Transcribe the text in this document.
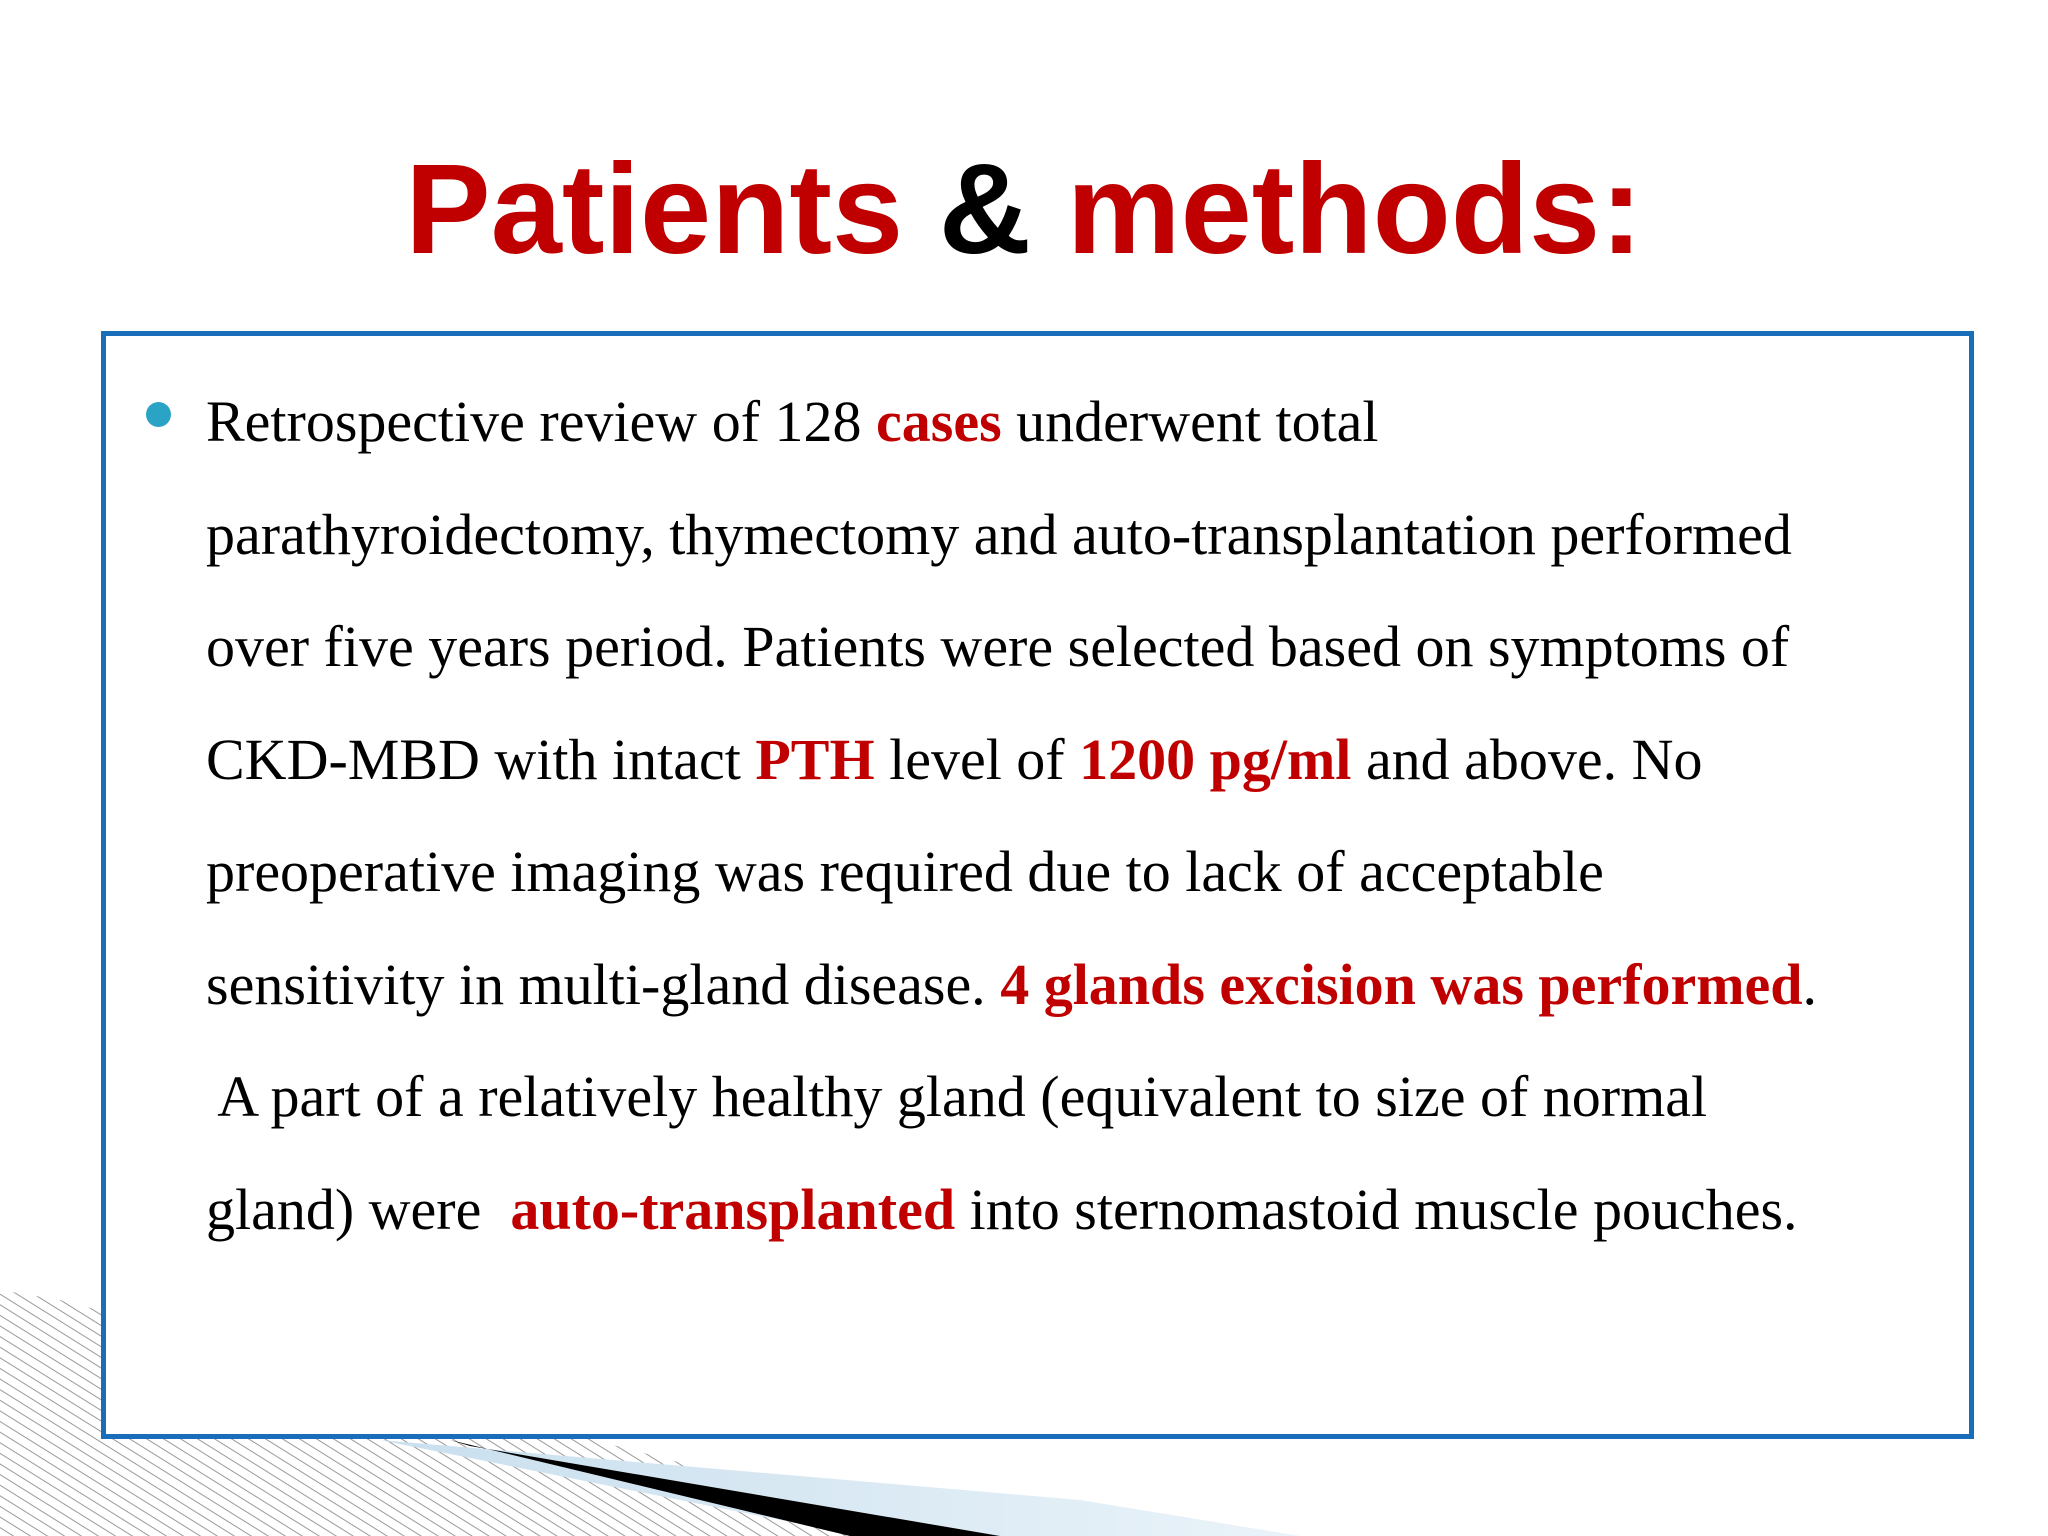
Patients & methods:

Retrospective review of 128 cases underwent total
parathyroidectomy, thymectomy and auto-transplantation performed
over five years period. Patients were selected based on symptoms of
CKD-MBD with intact PTH level of 1200 pg/ml and above. No
preoperative imaging was required due to lack of acceptable
sensitivity in multi-gland disease. 4 glands excision was performed.
A part of a relatively healthy gland (equivalent to size of normal
gland) were  auto-transplanted into sternomastoid muscle pouches.
